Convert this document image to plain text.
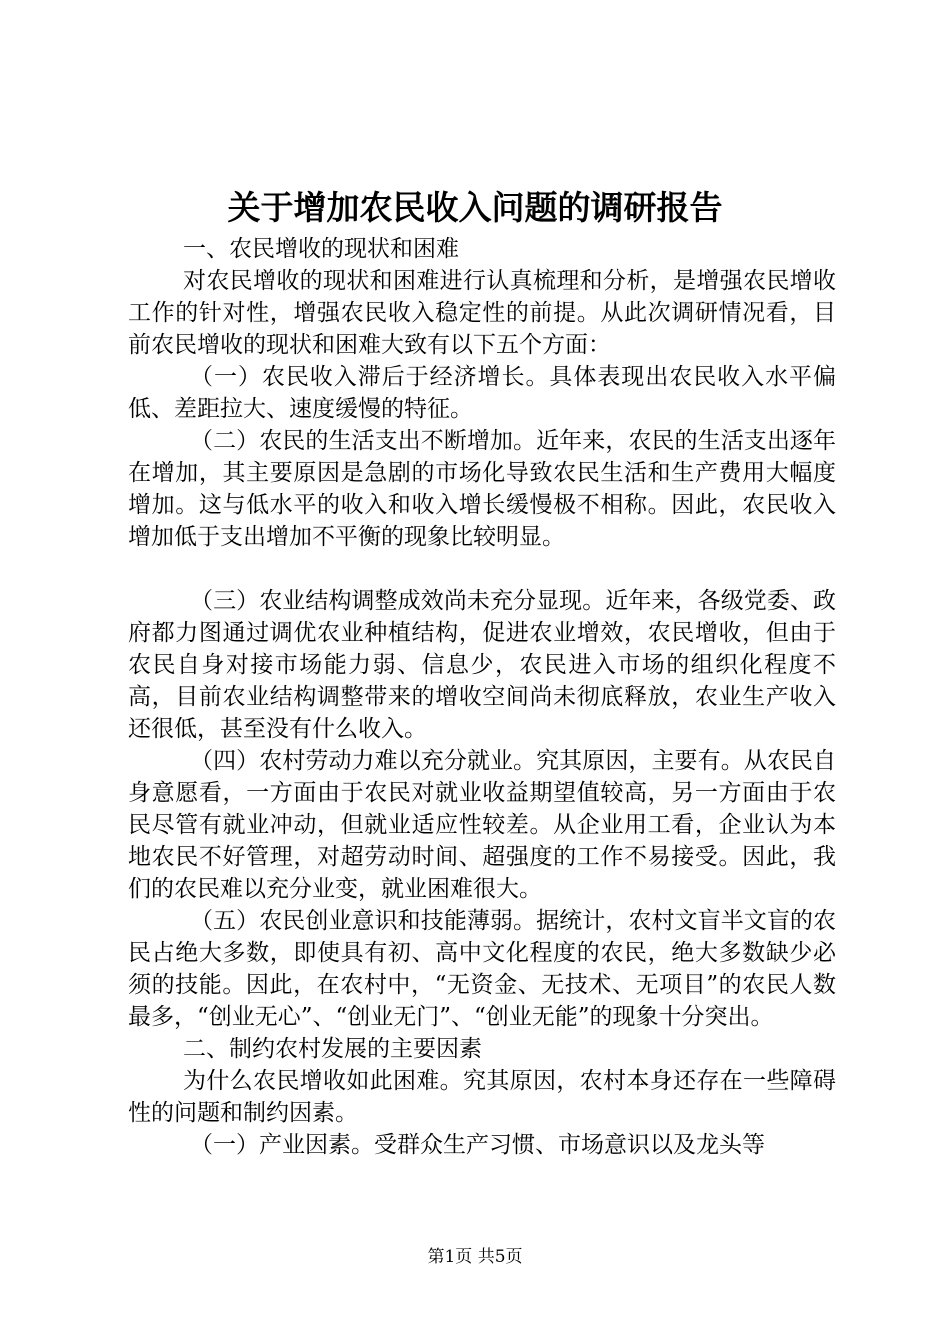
关于增加农民收入问题的调研报告

一、农民增收的现状和困难

对农民增收的现状和困难进行认真梳理和分析，是增强农民增收工作的针对性，增强农民收入稳定性的前提。从此次调研情况看，目前农民增收的现状和困难大致有以下五个方面：

（一）农民收入滞后于经济增长。具体表现出农民收入水平偏低、差距拉大、速度缓慢的特征。

（二）农民的生活支出不断增加。近年来，农民的生活支出逐年在增加，其主要原因是急剧的市场化导致农民生活和生产费用大幅度增加。这与低水平的收入和收入增长缓慢极不相称。因此，农民收入增加低于支出增加不平衡的现象比较明显。

（三）农业结构调整成效尚未充分显现。近年来，各级党委、政府都力图通过调优农业种植结构，促进农业增效，农民增收，但由于农民自身对接市场能力弱、信息少，农民进入市场的组织化程度不高，目前农业结构调整带来的增收空间尚未彻底释放，农业生产收入还很低，甚至没有什么收入。

（四）农村劳动力难以充分就业。究其原因，主要有。从农民自身意愿看，一方面由于农民对就业收益期望值较高，另一方面由于农民尽管有就业冲动，但就业适应性较差。从企业用工看，企业认为本地农民不好管理，对超劳动时间、超强度的工作不易接受。因此，我们的农民难以充分业变，就业困难很大。

（五）农民创业意识和技能薄弱。据统计，农村文盲半文盲的农民占绝大多数，即使具有初、高中文化程度的农民，绝大多数缺少必须的技能。因此，在农村中，“无资金、无技术、无项目”的农民人数最多，“创业无心”、“创业无门”、“创业无能”的现象十分突出。

二、制约农村发展的主要因素

为什么农民增收如此困难。究其原因，农村本身还存在一些障碍性的问题和制约因素。

（一）产业因素。受群众生产习惯、市场意识以及龙头等

第1页 共5页
